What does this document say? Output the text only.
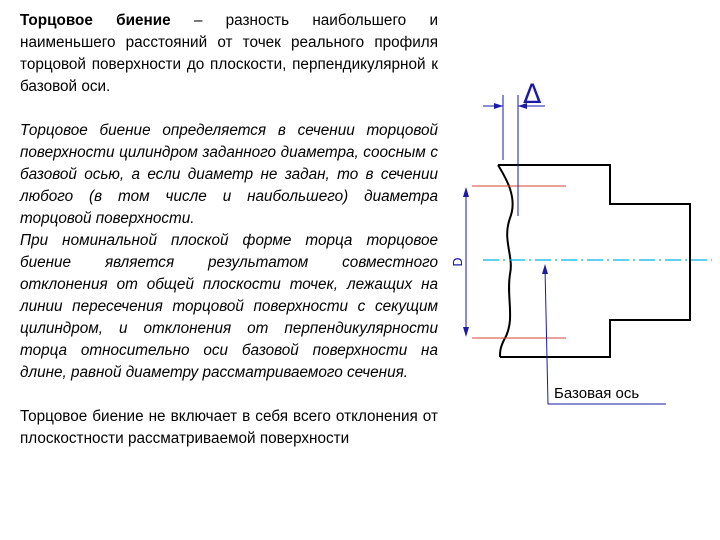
Торцовое биение – разность наибольшего и наименьшего расстояний от точек реального профиля торцовой поверхности до плоскости, перпендикулярной к базовой оси.

Торцовое биение определяется в сечении торцовой поверхности цилиндром заданного диаметра, соосным с базовой осью, а если диаметр не задан, то в сечении любого (в том числе и наибольшего) диаметра торцовой поверхности.
При номинальной плоской форме торца торцовое биение является результатом совместного отклонения от общей плоскости точек, лежащих на линии пересечения торцовой поверхности с секущим цилиндром, и отклонения от перпендикулярности торца относительно оси базовой поверхности на длине, равной диаметру рассматриваемого сечения.

Торцовое биение не включает в себя всего отклонения от плоскостности рассматриваемой поверхности

D
Δ
Базовая ось
